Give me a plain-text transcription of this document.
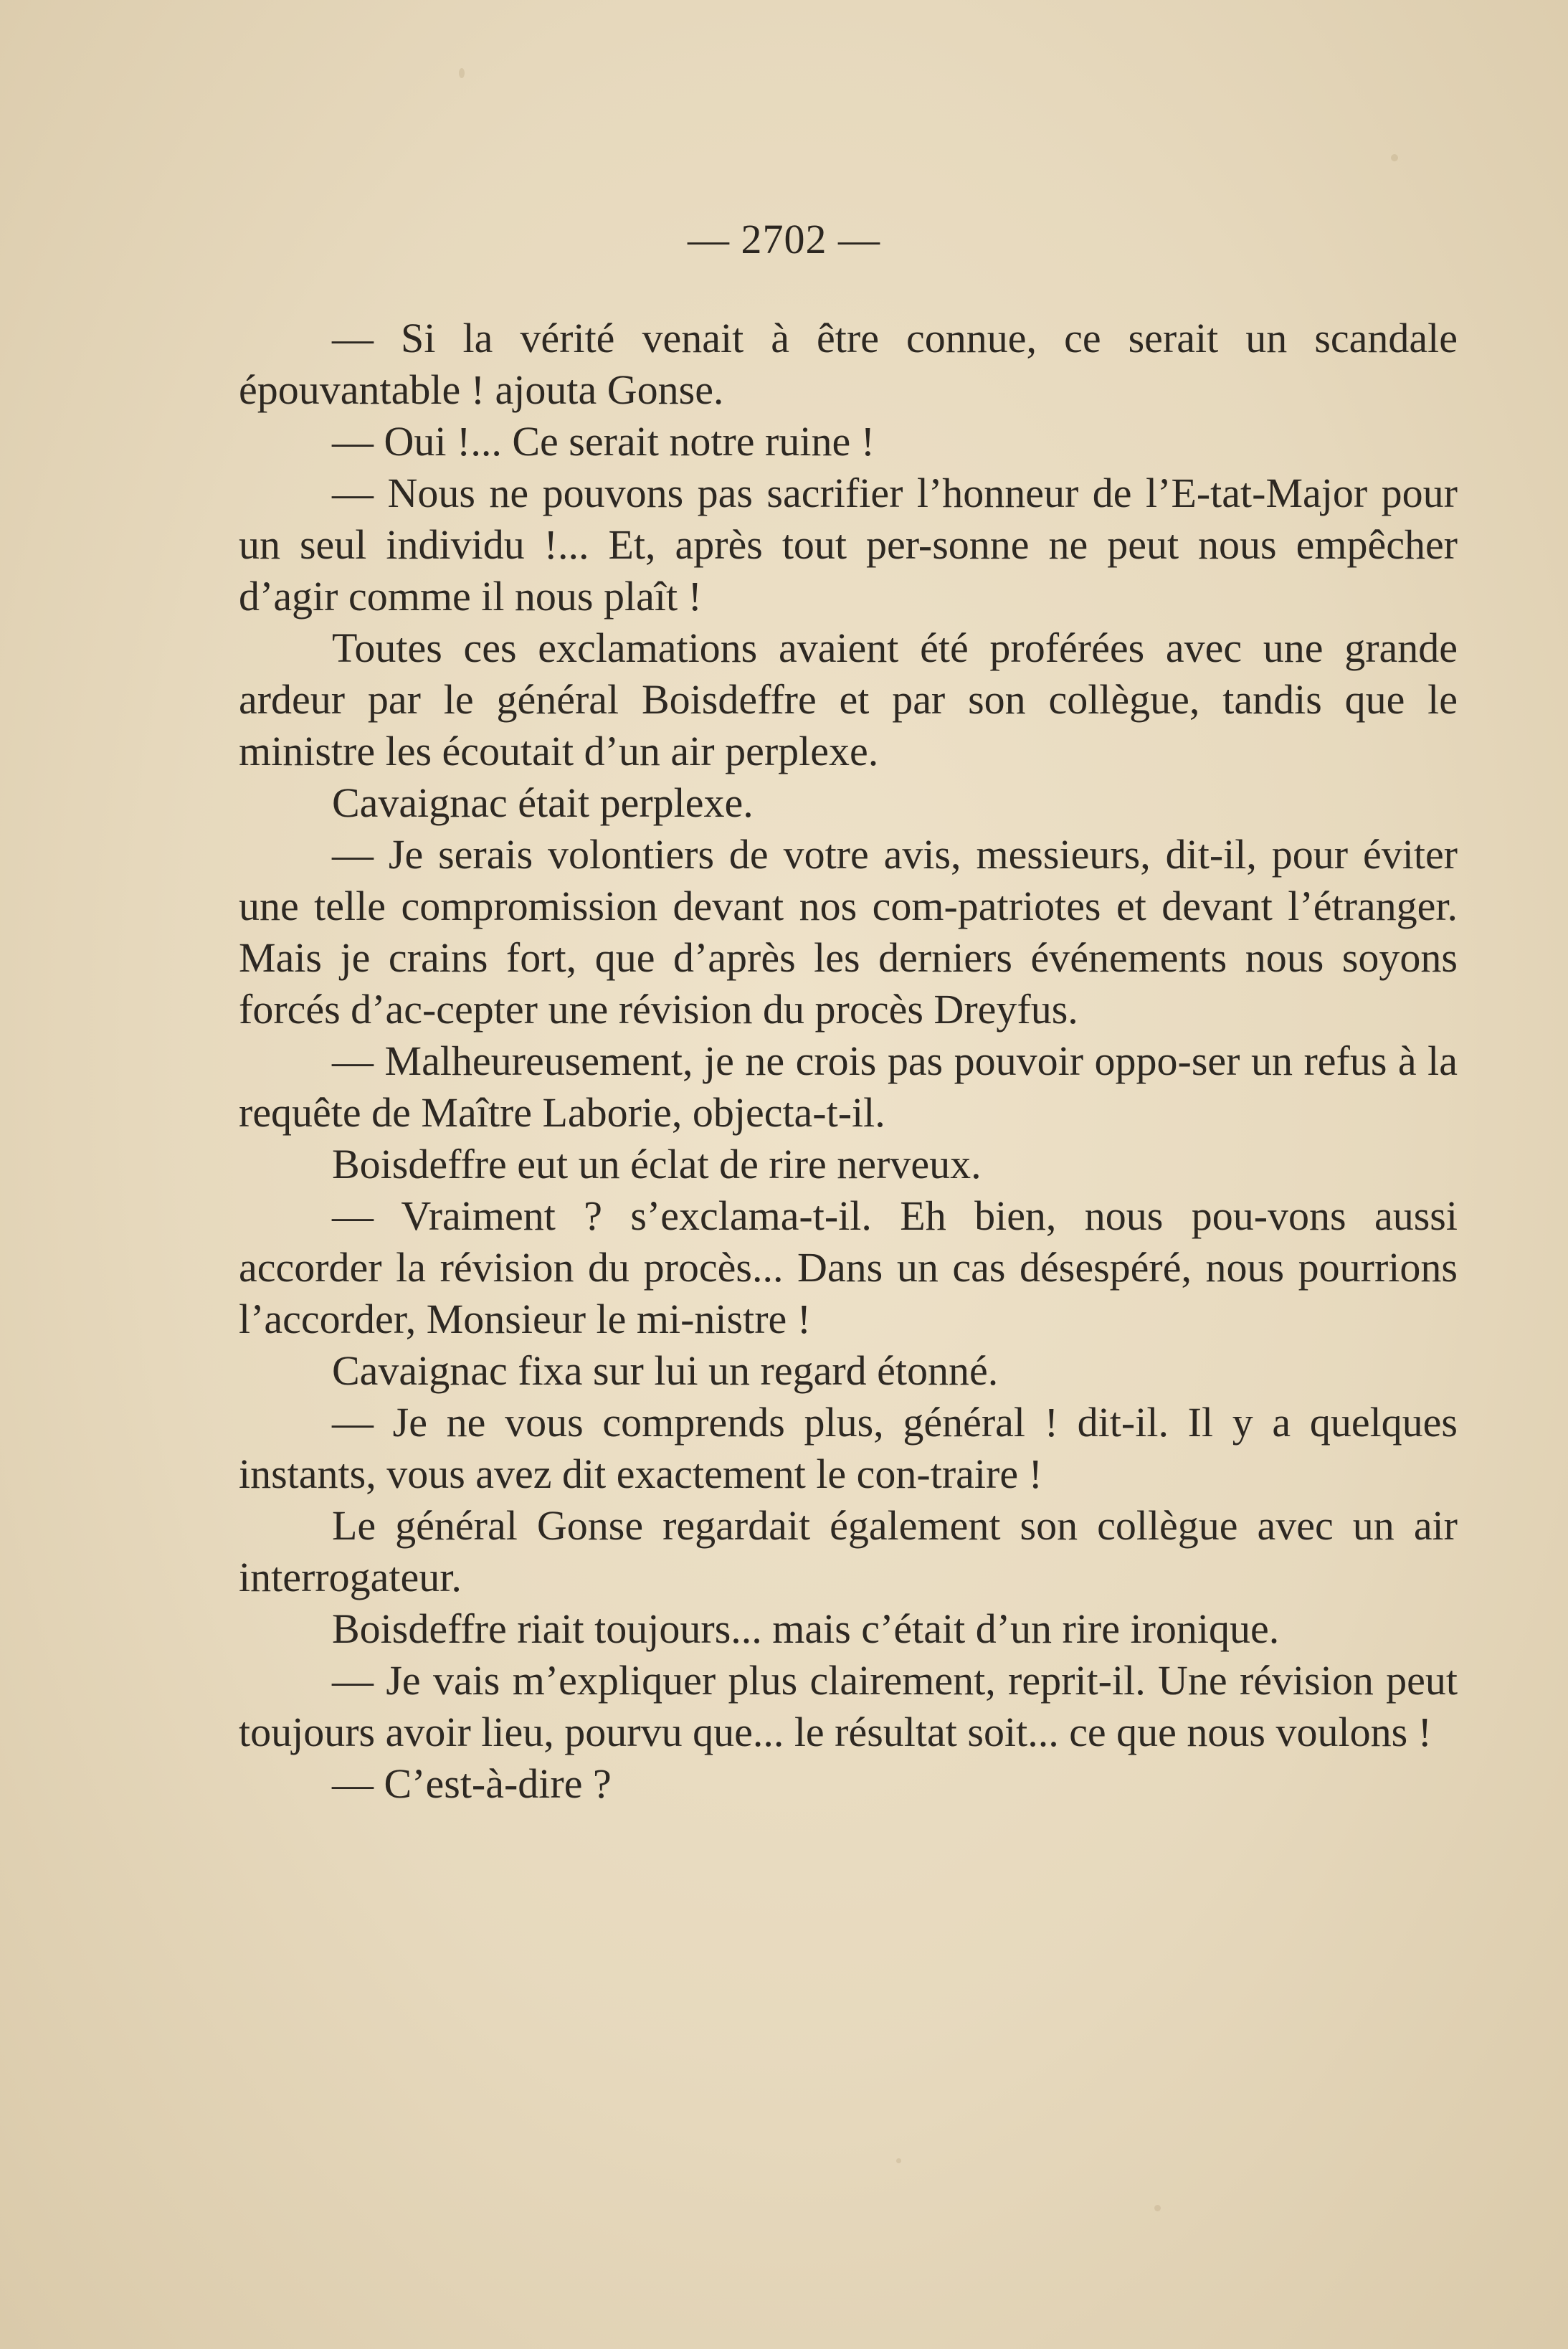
— 2702 —

— Si la vérité venait à être connue, ce serait un scandale épouvantable ! ajouta Gonse.

— Oui !... Ce serait notre ruine !

— Nous ne pouvons pas sacrifier l’honneur de l’E-tat-Major pour un seul individu !... Et, après tout per-sonne ne peut nous empêcher d’agir comme il nous plaît !

Toutes ces exclamations avaient été proférées avec une grande ardeur par le général Boisdeffre et par son collègue, tandis que le ministre les écoutait d’un air perplexe.

Cavaignac était perplexe.

— Je serais volontiers de votre avis, messieurs, dit-il, pour éviter une telle compromission devant nos com-patriotes et devant l’étranger. Mais je crains fort, que d’après les derniers événements nous soyons forcés d’ac-cepter une révision du procès Dreyfus.

— Malheureusement, je ne crois pas pouvoir oppo-ser un refus à la requête de Maître Laborie, objecta-t-il.

Boisdeffre eut un éclat de rire nerveux.

— Vraiment ? s’exclama-t-il. Eh bien, nous pou-vons aussi accorder la révision du procès... Dans un cas désespéré, nous pourrions l’accorder, Monsieur le mi-nistre !

Cavaignac fixa sur lui un regard étonné.

— Je ne vous comprends plus, général ! dit-il. Il y a quelques instants, vous avez dit exactement le con-traire !

Le général Gonse regardait également son collègue avec un air interrogateur.

Boisdeffre riait toujours... mais c’était d’un rire ironique.

— Je vais m’expliquer plus clairement, reprit-il. Une révision peut toujours avoir lieu, pourvu que... le résultat soit... ce que nous voulons !

— C’est-à-dire ?
